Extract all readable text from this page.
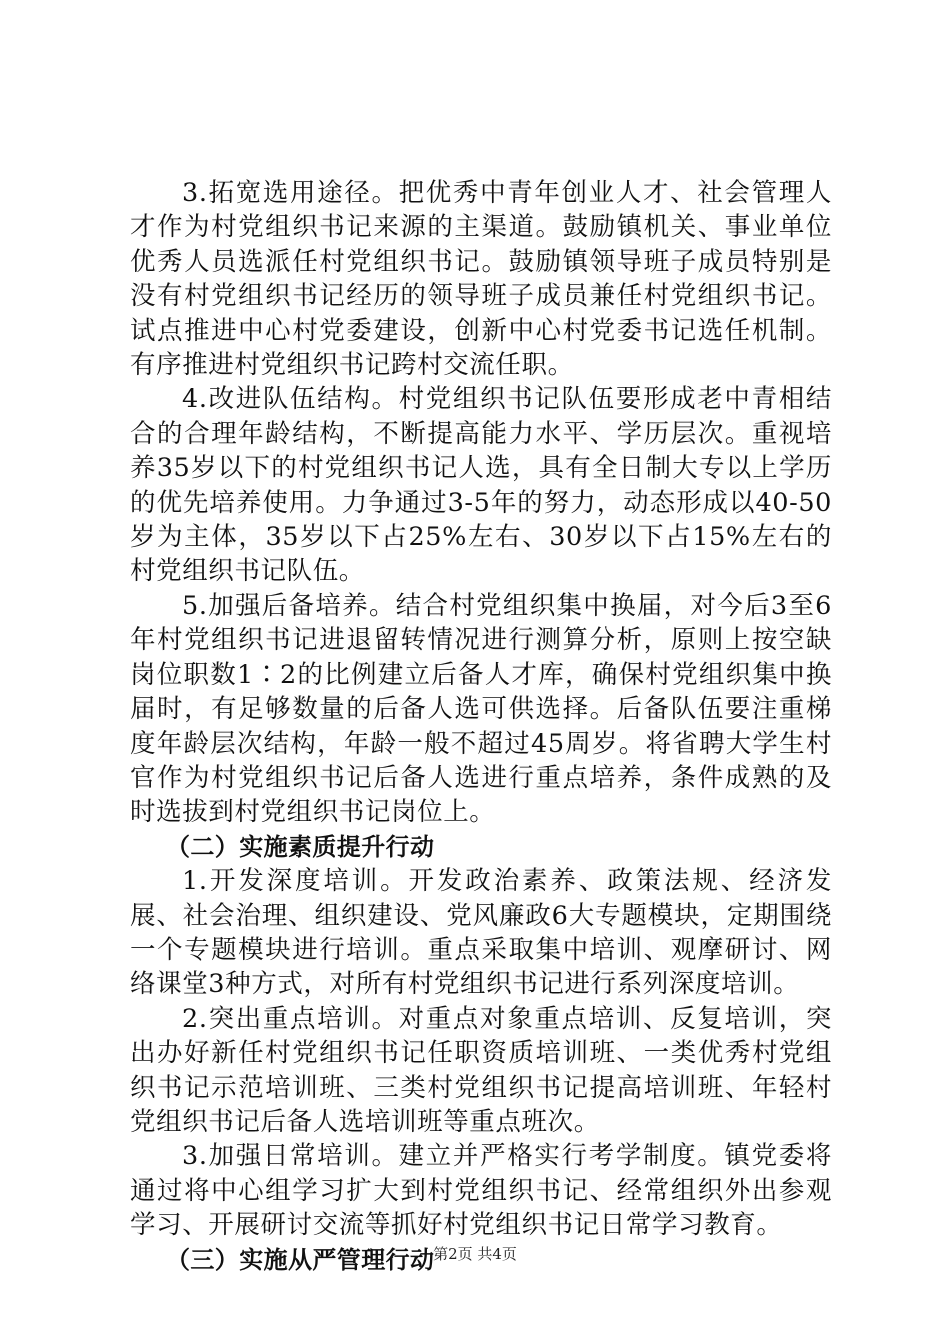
3.拓宽选用途径。把优秀中青年创业人才、社会管理人才作为村党组织书记来源的主渠道。鼓励镇机关、事业单位优秀人员选派任村党组织书记。鼓励镇领导班子成员特别是没有村党组织书记经历的领导班子成员兼任村党组织书记。试点推进中心村党委建设，创新中心村党委书记选任机制。有序推进村党组织书记跨村交流任职。

4.改进队伍结构。村党组织书记队伍要形成老中青相结合的合理年龄结构，不断提高能力水平、学历层次。重视培养35岁以下的村党组织书记人选，具有全日制大专以上学历的优先培养使用。力争通过3-5年的努力，动态形成以40-50岁为主体，35岁以下占25%左右、30岁以下占15%左右的村党组织书记队伍。

5.加强后备培养。结合村党组织集中换届，对今后3至6年村党组织书记进退留转情况进行测算分析，原则上按空缺岗位职数1∶2的比例建立后备人才库，确保村党组织集中换届时，有足够数量的后备人选可供选择。后备队伍要注重梯度年龄层次结构，年龄一般不超过45周岁。将省聘大学生村官作为村党组织书记后备人选进行重点培养，条件成熟的及时选拔到村党组织书记岗位上。

（二）实施素质提升行动

1.开发深度培训。开发政治素养、政策法规、经济发展、社会治理、组织建设、党风廉政6大专题模块，定期围绕一个专题模块进行培训。重点采取集中培训、观摩研讨、网络课堂3种方式，对所有村党组织书记进行系列深度培训。

2.突出重点培训。对重点对象重点培训、反复培训，突出办好新任村党组织书记任职资质培训班、一类优秀村党组织书记示范培训班、三类村党组织书记提高培训班、年轻村党组织书记后备人选培训班等重点班次。

3.加强日常培训。建立并严格实行考学制度。镇党委将通过将中心组学习扩大到村党组织书记、经常组织外出参观学习、开展研讨交流等抓好村党组织书记日常学习教育。

（三）实施从严管理行动

第2页 共4页
